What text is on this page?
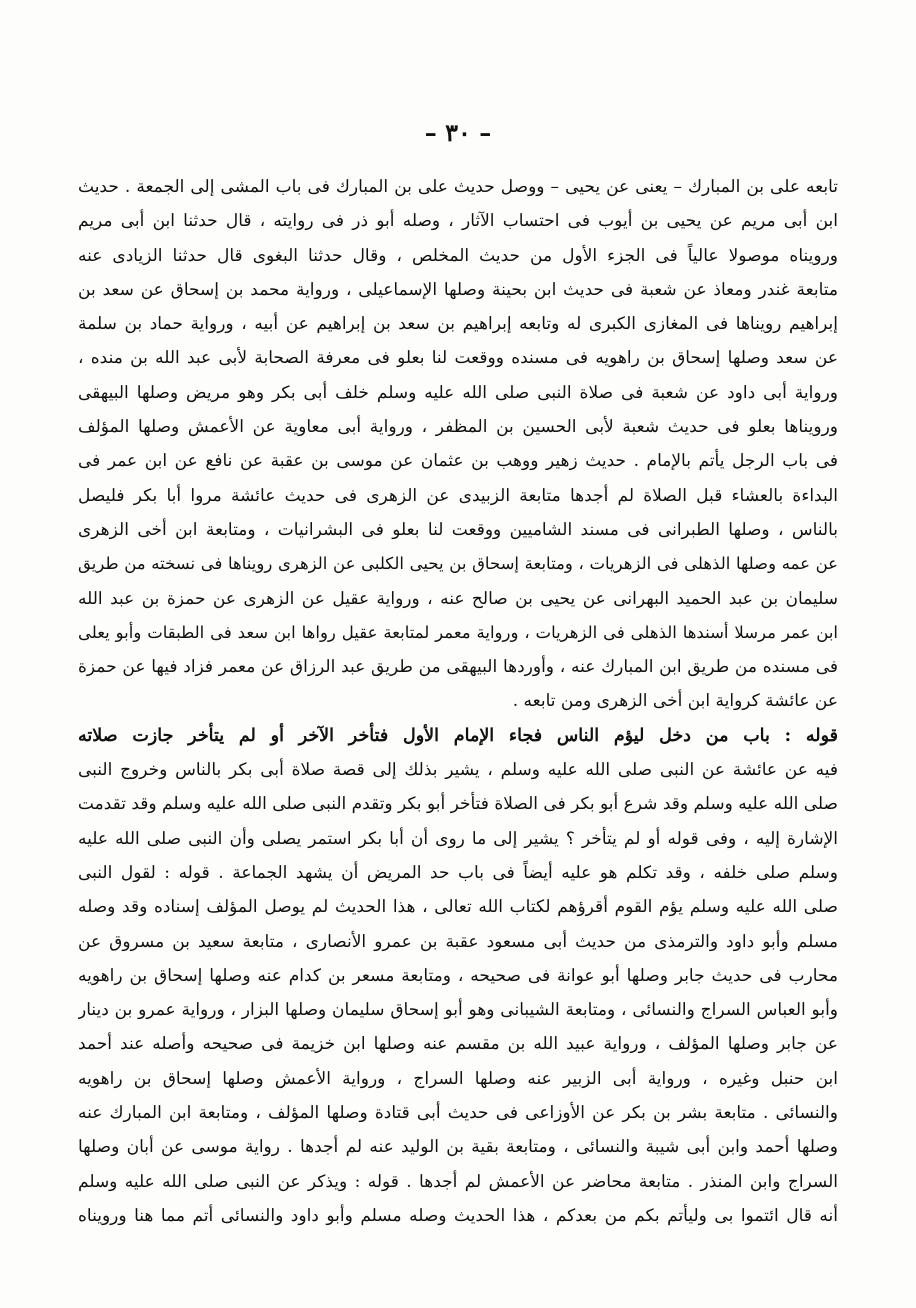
– ٣٠ –
تابعه على بن المبارك – يعنى عن يحيى – ووصل حديث على بن المبارك فى باب المشى إلى الجمعة . حديث
ابن أبى مريم عن يحيى بن أيوب فى احتساب الآثار ، وصله أبو ذر فى روايته ، قال حدثنا ابن أبى مريم
ورويناه موصولا عالياً فى الجزء الأول من حديث المخلص ، وقال حدثنا البغوى قال حدثنا الزيادى عنه
متابعة غندر ومعاذ عن شعبة فى حديث ابن بحينة وصلها الإسماعيلى ، ورواية محمد بن إسحاق عن سعد بن
إبراهيم رويناها فى المغازى الكبرى له وتابعه إبراهيم بن سعد بن إبراهيم عن أبيه ، ورواية حماد بن سلمة
عن سعد وصلها إسحاق بن راهويه فى مسنده ووقعت لنا بعلو فى معرفة الصحابة لأبى عبد الله بن منده ،
ورواية أبى داود عن شعبة فى صلاة النبى صلى الله عليه وسلم خلف أبى بكر وهو مريض وصلها البيهقى
ورويناها بعلو فى حديث شعبة لأبى الحسين بن المظفر ، ورواية أبى معاوية عن الأعمش وصلها المؤلف
فى باب الرجل يأتم بالإمام . حديث زهير ووهب بن عثمان عن موسى بن عقبة عن نافع عن ابن عمر فى
البداءة بالعشاء قبل الصلاة لم أجدها متابعة الزبيدى عن الزهرى فى حديث عائشة مروا أبا بكر فليصل
بالناس ، وصلها الطبرانى فى مسند الشاميين ووقعت لنا بعلو فى البشرانيات ، ومتابعة ابن أخى الزهرى
عن عمه وصلها الذهلى فى الزهريات ، ومتابعة إسحاق بن يحيى الكلبى عن الزهرى رويناها فى نسخته من طريق
سليمان بن عبد الحميد البهرانى عن يحيى بن صالح عنه ، ورواية عقيل عن الزهرى عن حمزة بن عبد الله
ابن عمر مرسلا أسندها الذهلى فى الزهريات ، ورواية معمر لمتابعة عقيل رواها ابن سعد فى الطبقات وأبو يعلى
فى مسنده من طريق ابن المبارك عنه ، وأوردها البيهقى من طريق عبد الرزاق عن معمر فزاد فيها عن حمزة
عن عائشة كرواية ابن أخى الزهرى ومن تابعه .
قوله : باب من دخل ليؤم الناس فجاء الإمام الأول فتأخر الآخر أو لم يتأخر جازت صلاته
فيه عن عائشة عن النبى صلى الله عليه وسلم ، يشير بذلك إلى قصة صلاة أبى بكر بالناس وخروج النبى
صلى الله عليه وسلم وقد شرع أبو بكر فى الصلاة فتأخر أبو بكر وتقدم النبى صلى الله عليه وسلم وقد تقدمت
الإشارة إليه ، وفى قوله أو لم يتأخر ؟ يشير إلى ما روى أن أبا بكر استمر يصلى وأن النبى صلى الله عليه
وسلم صلى خلفه ، وقد تكلم هو عليه أيضاً فى باب حد المريض أن يشهد الجماعة . قوله : لقول النبى
صلى الله عليه وسلم يؤم القوم أقرؤهم لكتاب الله تعالى ، هذا الحديث لم يوصل المؤلف إسناده وقد وصله
مسلم وأبو داود والترمذى من حديث أبى مسعود عقبة بن عمرو الأنصارى ، متابعة سعيد بن مسروق عن
محارب فى حديث جابر وصلها أبو عوانة فى صحيحه ، ومتابعة مسعر بن كدام عنه وصلها إسحاق بن راهويه
وأبو العباس السراج والنسائى ، ومتابعة الشيبانى وهو أبو إسحاق سليمان وصلها البزار ، ورواية عمرو بن دينار
عن جابر وصلها المؤلف ، ورواية عبيد الله بن مقسم عنه وصلها ابن خزيمة فى صحيحه وأصله عند أحمد
ابن حنبل وغيره ، ورواية أبى الزبير عنه وصلها السراج ، ورواية الأعمش وصلها إسحاق بن راهويه
والنسائى . متابعة بشر بن بكر عن الأوزاعى فى حديث أبى قتادة وصلها المؤلف ، ومتابعة ابن المبارك عنه
وصلها أحمد وابن أبى شيبة والنسائى ، ومتابعة بقية بن الوليد عنه لم أجدها . رواية موسى عن أبان وصلها
السراج وابن المنذر . متابعة محاضر عن الأعمش لم أجدها . قوله : ويذكر عن النبى صلى الله عليه وسلم
أنه قال ائتموا بى وليأتم بكم من بعدكم ، هذا الحديث وصله مسلم وأبو داود والنسائى أتم مما هنا ورويناه
